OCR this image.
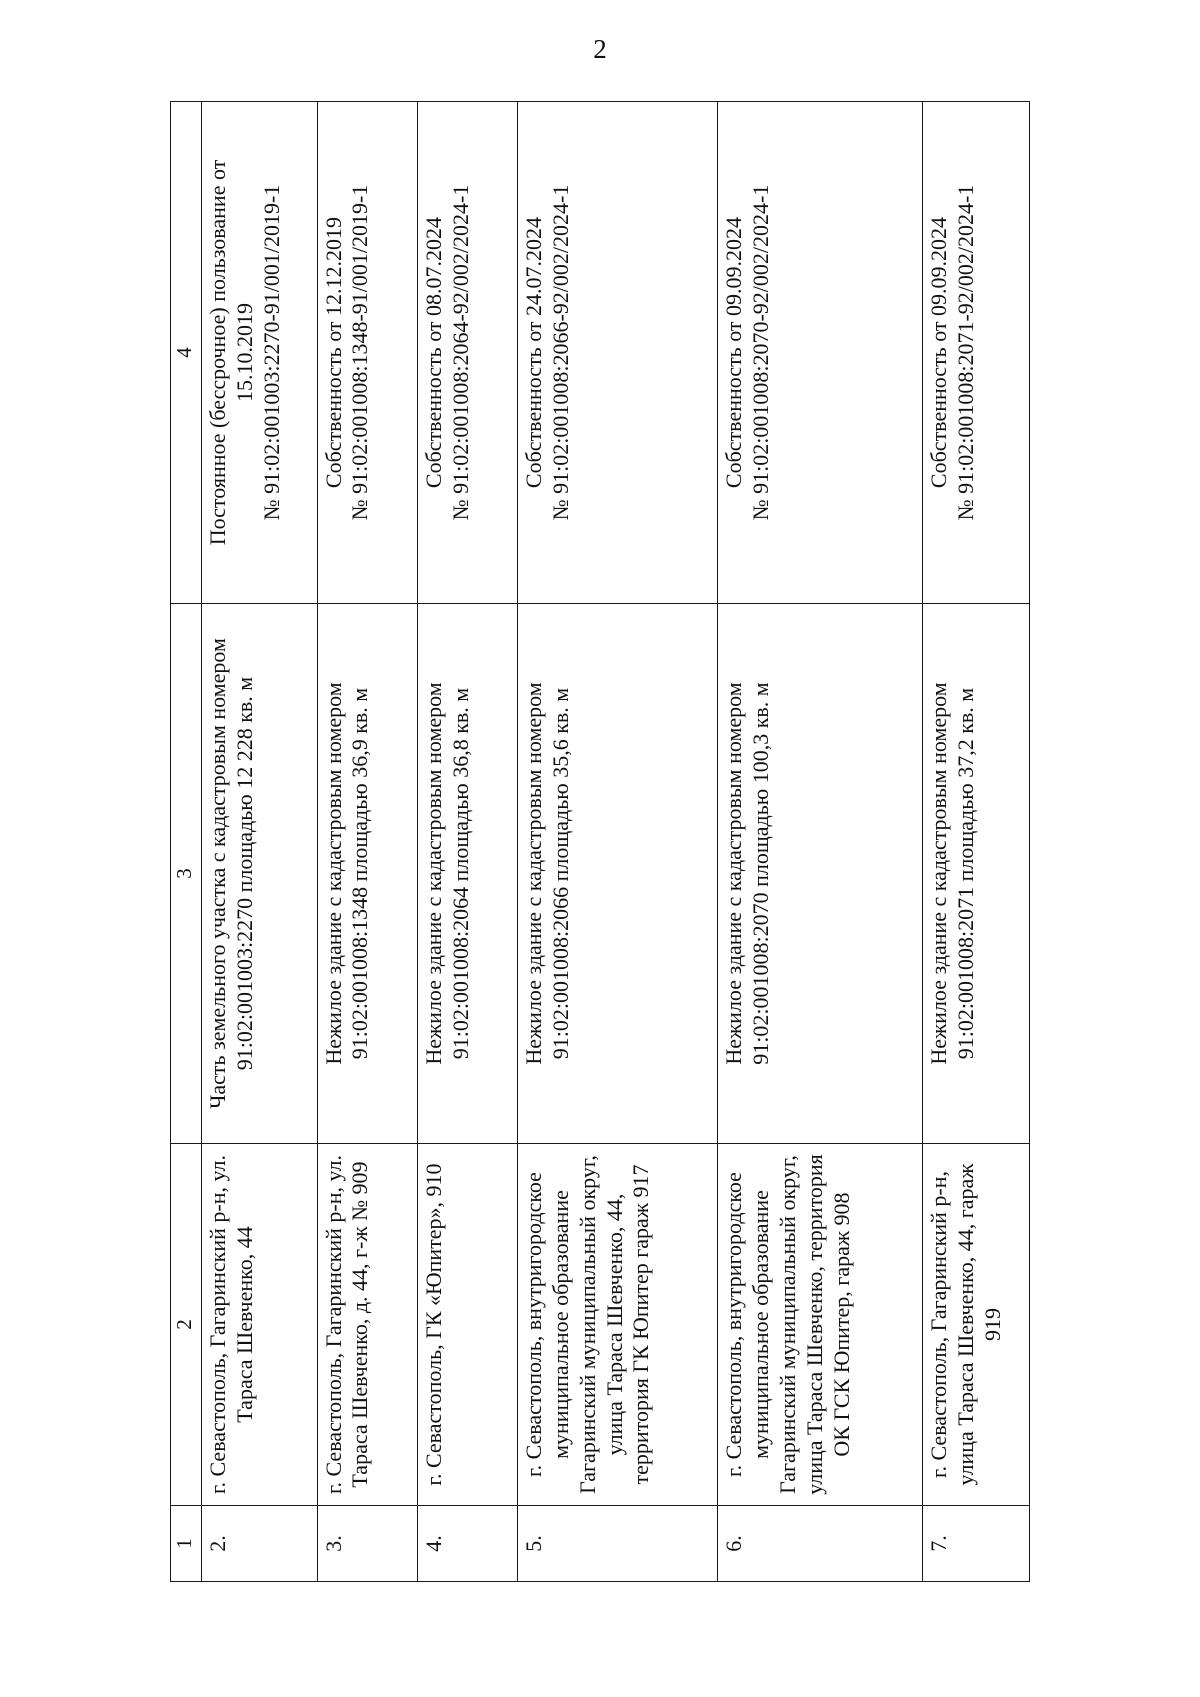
2
1	2	3	4
2.	г. Севастополь, Гагаринский р-н, ул. Тараса Шевченко, 44	Часть земельного участка с кадастровым номером 91:02:001003:2270 площадью 12 228 кв. м	Постоянное (бессрочное) пользование от 15.10.2019 № 91:02:001003:2270-91/001/2019-1

3.	г. Севастополь, Гагаринский р-н, ул. Тараса Шевченко, д. 44, г-ж № 909	Нежилое здание с кадастровым номером 91:02:001008:1348 площадью 36,9 кв. м	Собственность от 12.12.2019 № 91:02:001008:1348-91/001/2019-1

4.	г. Севастополь, ГК «Юпитер», 910	Нежилое здание с кадастровым номером 91:02:001008:2064 площадью 36,8 кв. м	Собственность от 08.07.2024 № 91:02:001008:2064-92/002/2024-1

5.	г. Севастополь, внутригородское муниципальное образование Гагаринский муниципальный округ, улица Тараса Шевченко, 44, территория ГК Юпитер гараж 917	Нежилое здание с кадастровым номером 91:02:001008:2066 площадью 35,6 кв. м	Собственность от 24.07.2024 № 91:02:001008:2066-92/002/2024-1

6.	г. Севастополь, внутригородское муниципальное образование Гагаринский муниципальный округ, улица Тараса Шевченко, территория ОК ГСК Юпитер, гараж 908	Нежилое здание с кадастровым номером 91:02:001008:2070 площадью 100,3 кв. м	Собственность от 09.09.2024 № 91:02:001008:2070-92/002/2024-1

7.	г. Севастополь, Гагаринский р-н, улица Тараса Шевченко, 44, гараж 919	Нежилое здание с кадастровым номером 91:02:001008:2071 площадью 37,2 кв. м	Собственность от 09.09.2024 № 91:02:001008:2071-92/002/2024-1
